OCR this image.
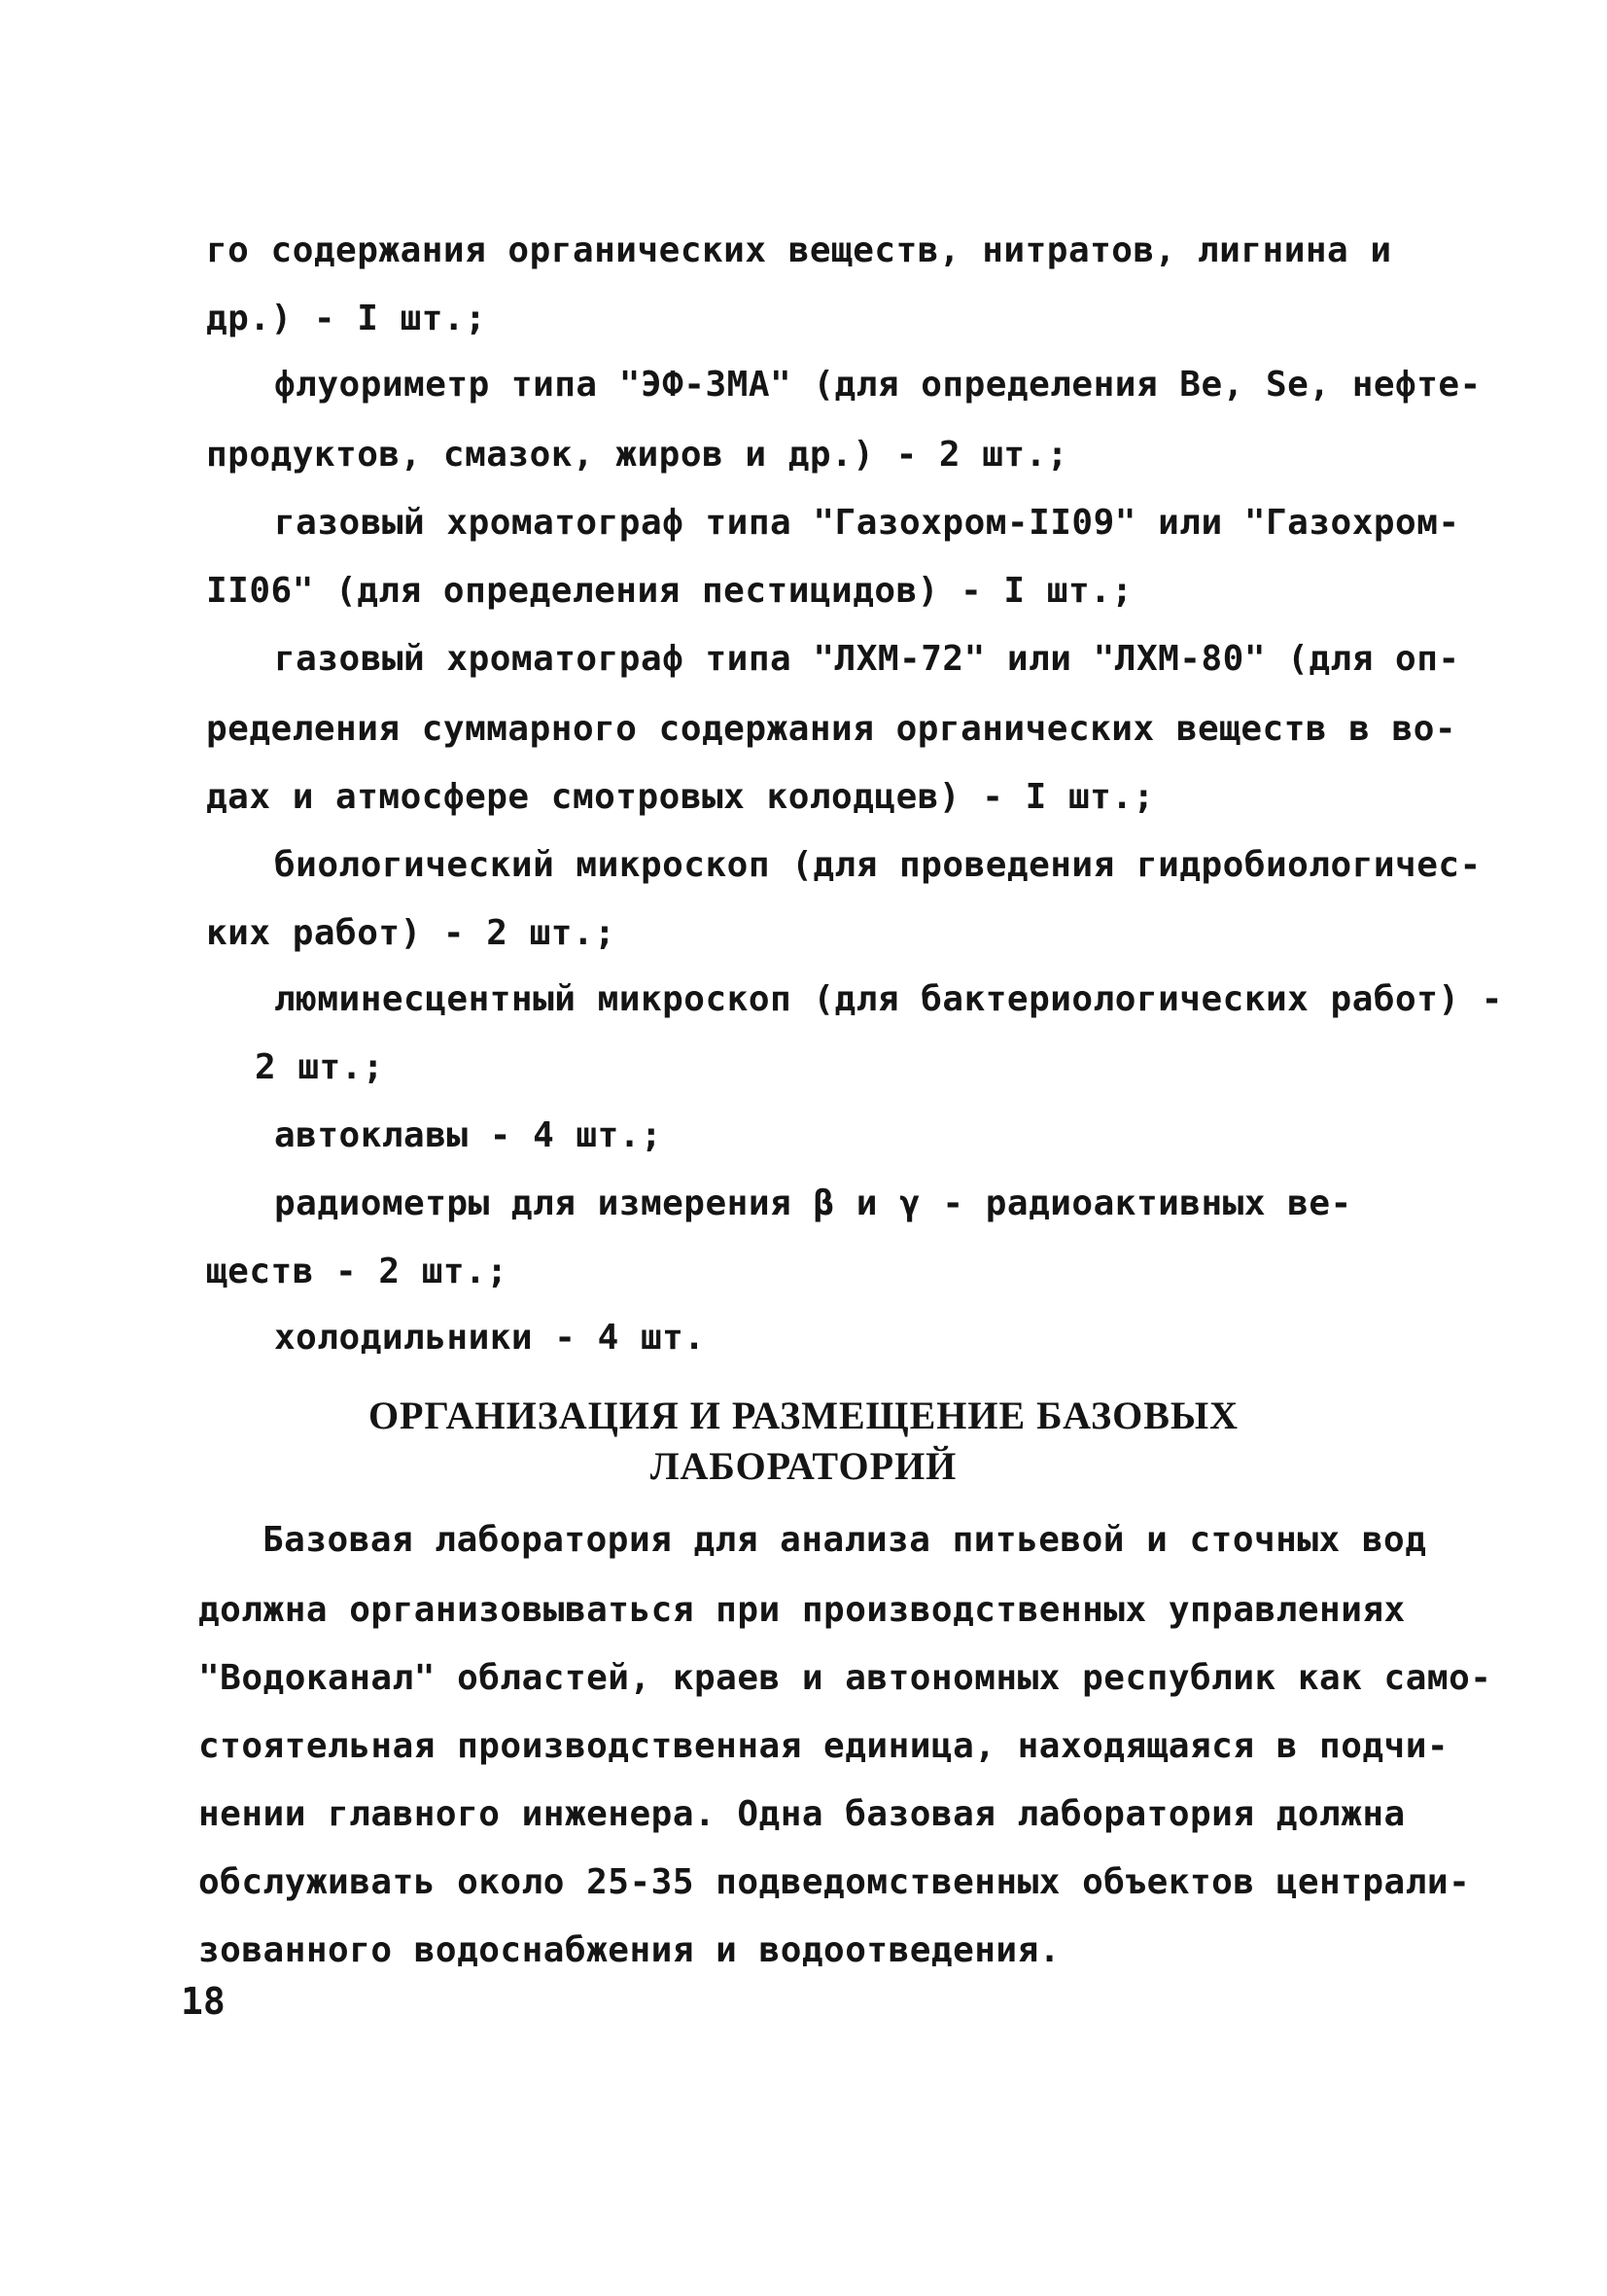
го содержания органических веществ, нитратов, лигнина и
др.) - I шт.;
флуориметр типа "ЭФ-ЗМА" (для определения Be, Se, нефте-
продуктов, смазок, жиров и др.) - 2 шт.;
газовый хроматограф типа "Газохром-II09" или "Газохром-
II06" (для определения пестицидов) - I шт.;
газовый хроматограф типа "ЛХМ-72" или "ЛХМ-80" (для оп-
ределения суммарного содержания органических веществ в во-
дах и атмосфере смотровых колодцев) - I шт.;
биологический микроскоп (для проведения гидробиологичес-
ких работ) - 2 шт.;
люминесцентный микроскоп (для бактериологических работ) -
2 шт.;
автоклавы - 4 шт.;
радиометры для измерения β и γ - радиоактивных ве-
ществ - 2 шт.;
холодильники - 4 шт.
ОРГАНИЗАЦИЯ И РАЗМЕЩЕНИЕ БАЗОВЫХ
ЛАБОРАТОРИЙ
Базовая лаборатория для анализа питьевой и сточных вод
должна организовываться при производственных управлениях
"Водоканал" областей, краев и автономных республик как само-
стоятельная производственная единица, находящаяся в подчи-
нении главного инженера. Одна базовая лаборатория должна
обслуживать около 25-35 подведомственных объектов централи-
зованного водоснабжения и водоотведения.
18
